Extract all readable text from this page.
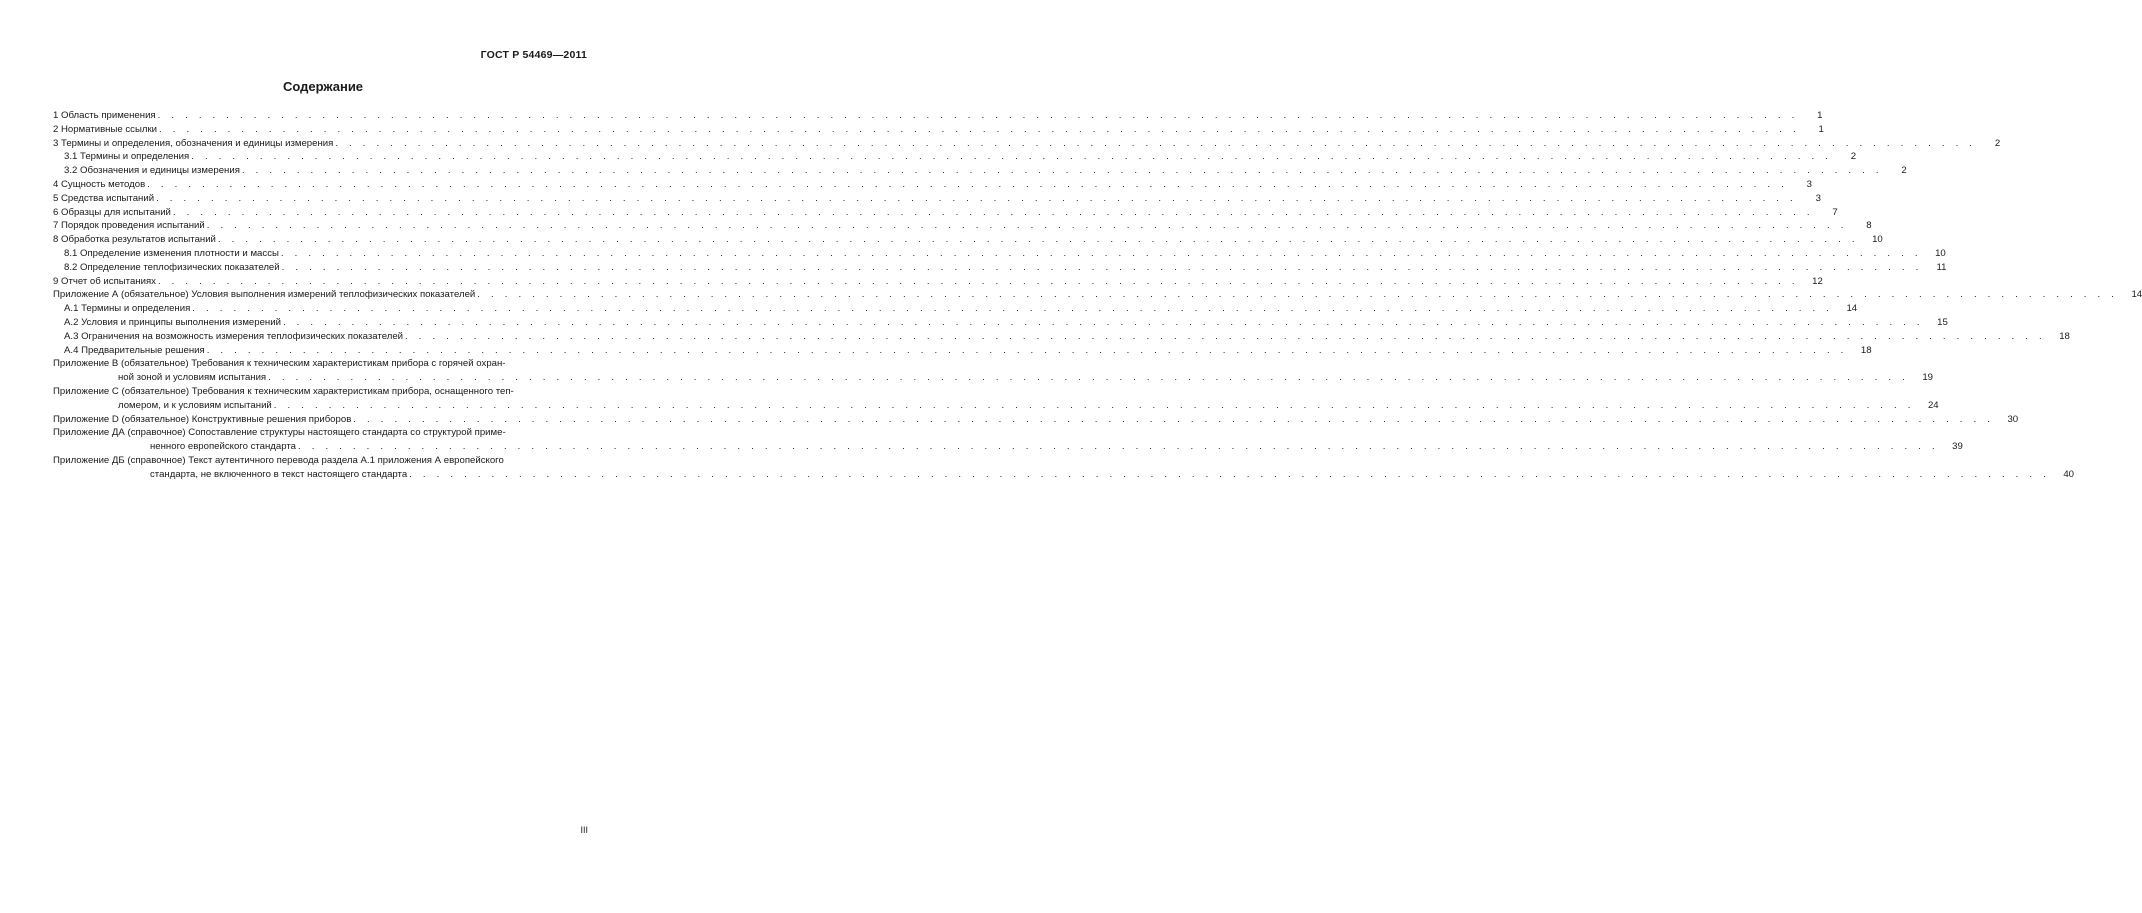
ГОСТ Р 54469—2011
Содержание
1 Область применения . . . . . . . . . . . . . . . . . . . . . . . . . . . . . . . . . . . . . . . . . . . . . . . . . . . . . . . . . . . . . . . . . . . . . . . . . . . . . . . . . . . . . . . . . . . . . . . . . . . . . . . . . . . . . . . . . . . . . . . .	1
2 Нормативные ссылки . . . . . . . . . . . . . . . . . . . . . . . . . . . . . . . . . . . . . . . . . . . . . . . . . . . . . . . . . . . . . . . . . . . . . . . . . . . . . . . . . . . . . . . . . . . . . . . . . . . . . . . . . . . . . . . . . . . . . . . .	1
3 Термины и определения, обозначения и единицы измерения . . . . . . . . . . . . . . . . . . . . . . . . . . . . . . . . . . . . . . . . . . . . . . . . . . . . . . . . . . . . . . . . . . . . . . . . . . . . . . . . . . . . . . . . . . . . . . . . . . . . . . . . . . . . . . . . . . . . . . . .	2
3.1 Термины и определения . . . . . . . . . . . . . . . . . . . . . . . . . . . . . . . . . . . . . . . . . . . . . . . . . . . . . . . . . . . . . . . . . . . . . . . . . . . . . . . . . . . . . . . . . . . . . . . . . . . . . . . . . . . . . . . . . . . . . . . .	2
3.2 Обозначения и единицы измерения . . . . . . . . . . . . . . . . . . . . . . . . . . . . . . . . . . . . . . . . . . . . . . . . . . . . . . . . . . . . . . . . . . . . . . . . . . . . . . . . . . . . . . . . . . . . . . . . . . . . . . . . . . . . . . . . . . . . . . . .	2
4 Сущность методов . . . . . . . . . . . . . . . . . . . . . . . . . . . . . . . . . . . . . . . . . . . . . . . . . . . . . . . . . . . . . . . . . . . . . . . . . . . . . . . . . . . . . . . . . . . . . . . . . . . . . . . . . . . . . . . . . . . . . . . .	3
5 Средства испытаний . . . . . . . . . . . . . . . . . . . . . . . . . . . . . . . . . . . . . . . . . . . . . . . . . . . . . . . . . . . . . . . . . . . . . . . . . . . . . . . . . . . . . . . . . . . . . . . . . . . . . . . . . . . . . . . . . . . . . . . .	3
6 Образцы для испытаний . . . . . . . . . . . . . . . . . . . . . . . . . . . . . . . . . . . . . . . . . . . . . . . . . . . . . . . . . . . . . . . . . . . . . . . . . . . . . . . . . . . . . . . . . . . . . . . . . . . . . . . . . . . . . . . . . . . . . . . .	7
7 Порядок проведения испытаний . . . . . . . . . . . . . . . . . . . . . . . . . . . . . . . . . . . . . . . . . . . . . . . . . . . . . . . . . . . . . . . . . . . . . . . . . . . . . . . . . . . . . . . . . . . . . . . . . . . . . . . . . . . . . . . . . . . . . . . .	8
8 Обработка результатов испытаний . . . . . . . . . . . . . . . . . . . . . . . . . . . . . . . . . . . . . . . . . . . . . . . . . . . . . . . . . . . . . . . . . . . . . . . . . . . . . . . . . . . . . . . . . . . . . . . . . . . . . . . . . . . . . . . . . . . . . . . .	10
8.1 Определение изменения плотности и массы . . . . . . . . . . . . . . . . . . . . . . . . . . . . . . . . . . . . . . . . . . . . . . . . . . . . . . . . . . . . . . . . . . . . . . . . . . . . . . . . . . . . . . . . . . . . . . . . . . . . . . . . . . . . . . . . . . . . . . . .	10
8.2 Определение теплофизических показателей . . . . . . . . . . . . . . . . . . . . . . . . . . . . . . . . . . . . . . . . . . . . . . . . . . . . . . . . . . . . . . . . . . . . . . . . . . . . . . . . . . . . . . . . . . . . . . . . . . . . . . . . . . . . . . . . . . . . . . . .	11
9 Отчет об испытаниях . . . . . . . . . . . . . . . . . . . . . . . . . . . . . . . . . . . . . . . . . . . . . . . . . . . . . . . . . . . . . . . . . . . . . . . . . . . . . . . . . . . . . . . . . . . . . . . . . . . . . . . . . . . . . . . . . . . . . . . .	12
Приложение А (обязательное) Условия выполнения измерений теплофизических показателей . . . . . . . . . . . . . . . . . . . . . . . . . . . . . . . . . . . . . . . . . . . . . . . . . . . . . . . . . . . . . . . . . . . . . . . . . . . . . . . . . . . . . . . . . . . . . . . . . . . . . . . . . . . . . . . . . . . . . . . .	14
А.1 Термины и определения . . . . . . . . . . . . . . . . . . . . . . . . . . . . . . . . . . . . . . . . . . . . . . . . . . . . . . . . . . . . . . . . . . . . . . . . . . . . . . . . . . . . . . . . . . . . . . . . . . . . . . . . . . . . . . . . . . . . . . . .	14
А.2 Условия и принципы выполнения измерений . . . . . . . . . . . . . . . . . . . . . . . . . . . . . . . . . . . . . . . . . . . . . . . . . . . . . . . . . . . . . . . . . . . . . . . . . . . . . . . . . . . . . . . . . . . . . . . . . . . . . . . . . . . . . . . . . . . . . . . .	15
А.3 Ограничения на возможность измерения теплофизических показателей . . . . . . . . . . . . . . . . . . . . . . . . . . . . . . . . . . . . . . . . . . . . . . . . . . . . . . . . . . . . . . . . . . . . . . . . . . . . . . . . . . . . . . . . . . . . . . . . . . . . . . . . . . . . . . . . . . . . . . . .	18
А.4 Предварительные решения . . . . . . . . . . . . . . . . . . . . . . . . . . . . . . . . . . . . . . . . . . . . . . . . . . . . . . . . . . . . . . . . . . . . . . . . . . . . . . . . . . . . . . . . . . . . . . . . . . . . . . . . . . . . . . . . . . . . . . . .	18
Приложение В (обязательное) Требования к техническим характеристикам прибора с горячей охран-
ной зоной и условиям испытания . . . . . . . . . . . . . . . . . . . . . . . . . . . . . . . . . . . . . . . . . . . . . . . . . . . . . . . . . . . . . . . . . . . . . . . . . . . . . . . . . . . . . . . . . . . . . . . . . . . . . . . . . . . . . . . . . . . . . . . .	19
Приложение С (обязательное) Требования к техническим характеристикам прибора, оснащенного теп-
ломером, и к условиям испытаний . . . . . . . . . . . . . . . . . . . . . . . . . . . . . . . . . . . . . . . . . . . . . . . . . . . . . . . . . . . . . . . . . . . . . . . . . . . . . . . . . . . . . . . . . . . . . . . . . . . . . . . . . . . . . . . . . . . . . . . .	24
Приложение D (обязательное) Конструктивные решения приборов . . . . . . . . . . . . . . . . . . . . . . . . . . . . . . . . . . . . . . . . . . . . . . . . . . . . . . . . . . . . . . . . . . . . . . . . . . . . . . . . . . . . . . . . . . . . . . . . . . . . . . . . . . . . . . . . . . . . . . . .	30
Приложение ДА (справочное) Сопоставление структуры настоящего стандарта со структурой приме-
ненного европейского стандарта . . . . . . . . . . . . . . . . . . . . . . . . . . . . . . . . . . . . . . . . . . . . . . . . . . . . . . . . . . . . . . . . . . . . . . . . . . . . . . . . . . . . . . . . . . . . . . . . . . . . . . . . . . . . . . . . . . . . . . . .	39
Приложение ДБ (справочное) Текст аутентичного перевода раздела А.1 приложения А европейского
стандарта, не включенного в текст настоящего стандарта . . . . . . . . . . . . . . . . . . . . . . . . . . . . . . . . . . . . . . . . . . . . . . . . . . . . . . . . . . . . . . . . . . . . . . . . . . . . . . . . . . . . . . . . . . . . . . . . . . . . . . . . . . . . . . . . . . . . . . . .	40
III
